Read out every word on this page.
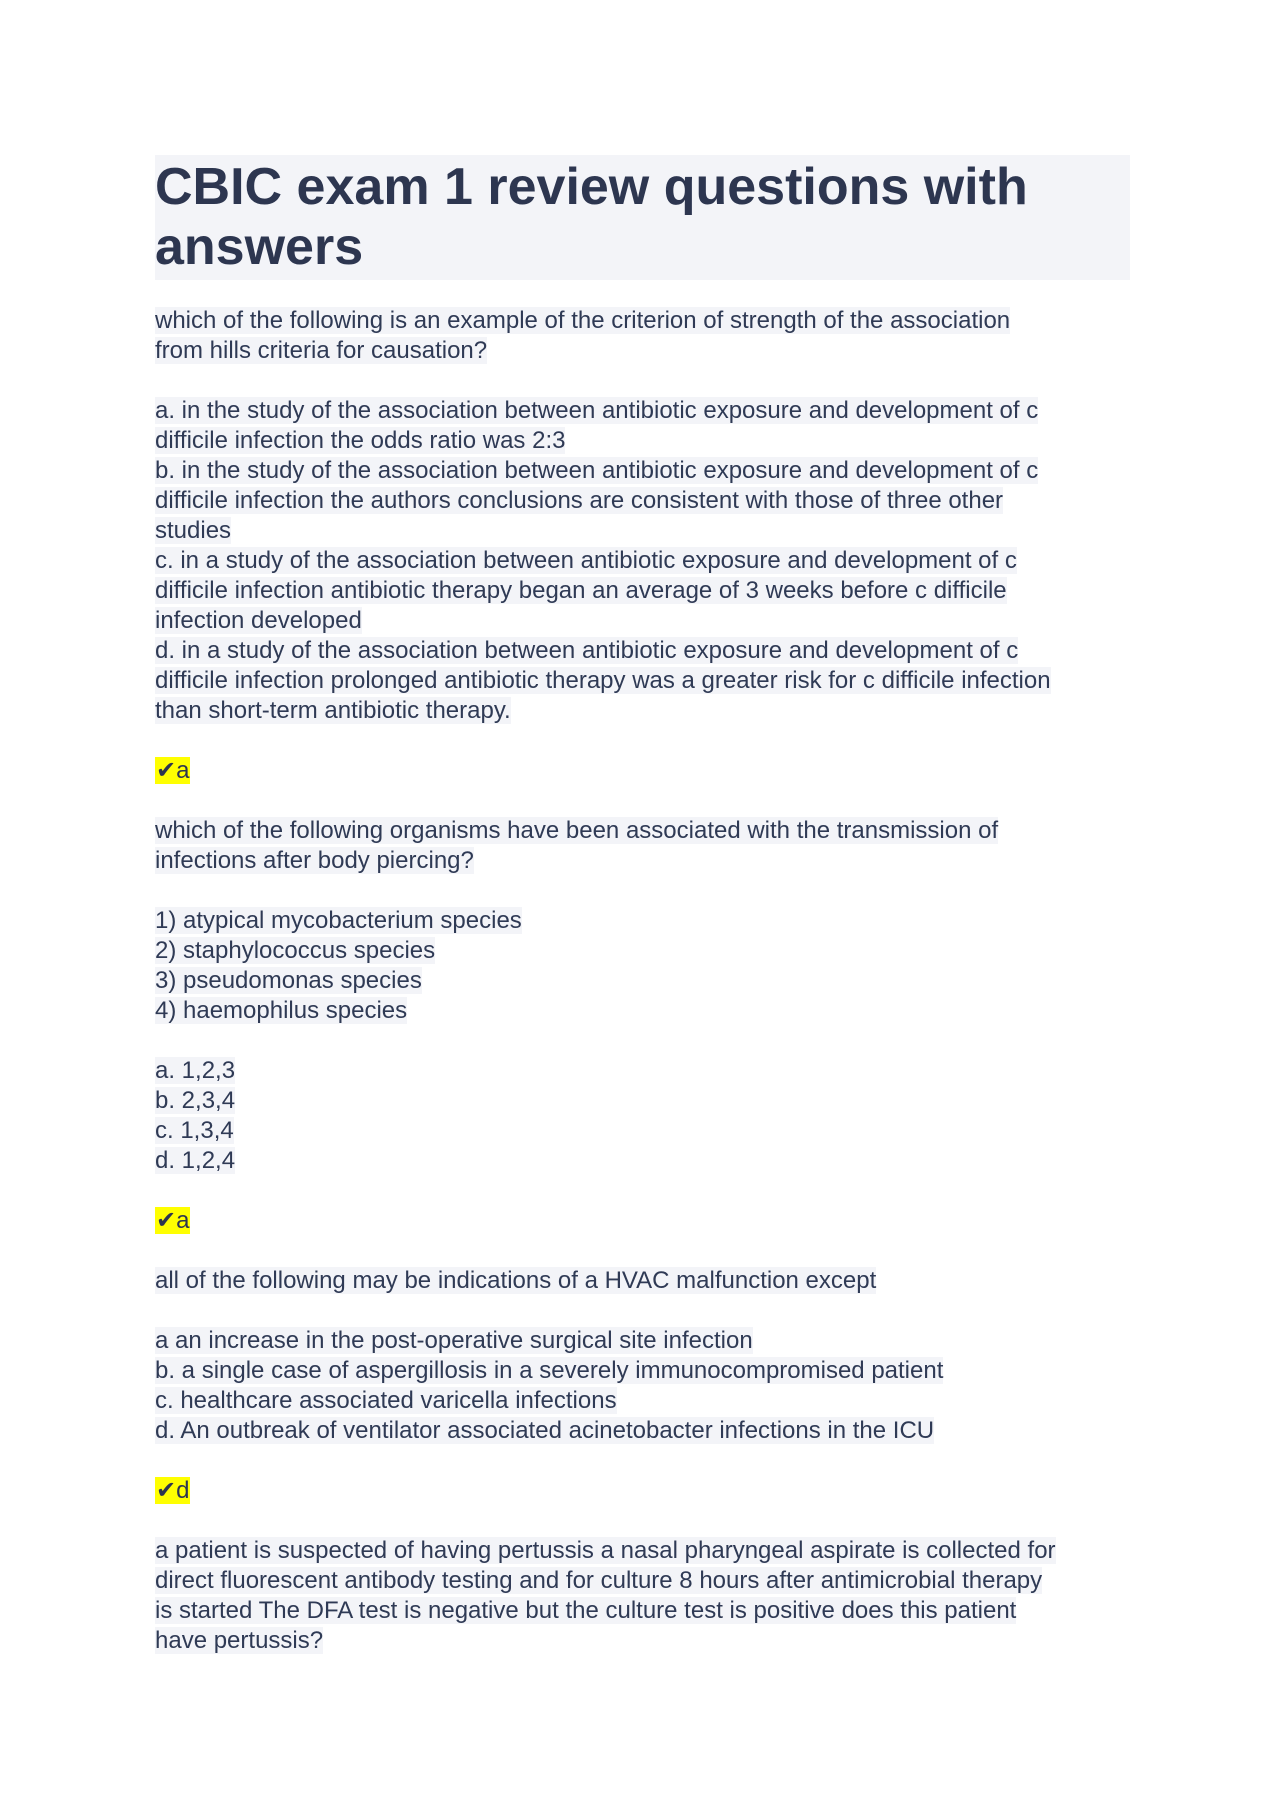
CBIC exam 1 review questions with answers

which of the following is an example of the criterion of strength of the association
from hills criteria for causation?

a. in the study of the association between antibiotic exposure and development of c
difficile infection the odds ratio was 2:3
b. in the study of the association between antibiotic exposure and development of c
difficile infection the authors conclusions are consistent with those of three other
studies
c. in a study of the association between antibiotic exposure and development of c
difficile infection antibiotic therapy began an average of 3 weeks before c difficile
infection developed
d. in a study of the association between antibiotic exposure and development of c
difficile infection prolonged antibiotic therapy was a greater risk for c difficile infection
than short-term antibiotic therapy.

✔a

which of the following organisms have been associated with the transmission of
infections after body piercing?

1) atypical mycobacterium species
2) staphylococcus species
3) pseudomonas species
4) haemophilus species

a. 1,2,3
b. 2,3,4
c. 1,3,4
d. 1,2,4

✔a

all of the following may be indications of a HVAC malfunction except

a an increase in the post-operative surgical site infection
b. a single case of aspergillosis in a severely immunocompromised patient
c. healthcare associated varicella infections
d. An outbreak of ventilator associated acinetobacter infections in the ICU

✔d

a patient is suspected of having pertussis a nasal pharyngeal aspirate is collected for
direct fluorescent antibody testing and for culture 8 hours after antimicrobial therapy
is started The DFA test is negative but the culture test is positive does this patient
have pertussis?
